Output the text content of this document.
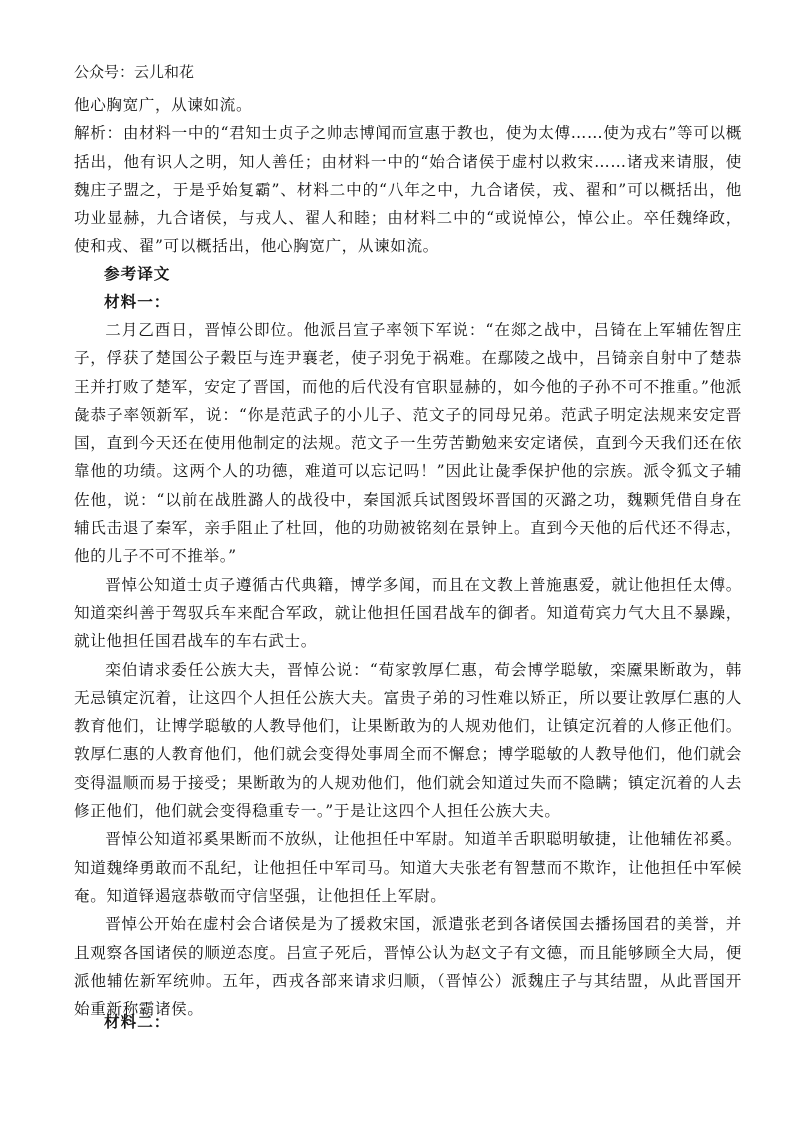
公众号：云儿和花

他心胸宽广，从谏如流。

解析：由材料一中的“君知士贞子之帅志博闻而宣惠于教也，使为太傅……使为戎右”等可以概括出，他有识人之明，知人善任；由材料一中的“始合诸侯于虚村以救宋……诸戎来请服，使魏庄子盟之，于是乎始复霸”、材料二中的“八年之中，九合诸侯，戎、翟和”可以概括出，他功业显赫，九合诸侯，与戎人、翟人和睦；由材料二中的“或说悼公，悼公止。卒任魏绛政，使和戎、翟”可以概括出，他心胸宽广，从谏如流。

参考译文
材料一：

二月乙酉日，晋悼公即位。他派吕宣子率领下军说：“在郯之战中，吕锜在上军辅佐智庄子，俘获了楚国公子穀臣与连尹襄老，使子羽免于祸难。在鄢陵之战中，吕锜亲自射中了楚恭王并打败了楚军，安定了晋国，而他的后代没有官职显赫的，如今他的子孙不可不推重。”他派彘恭子率领新军，说：“你是范武子的小儿子、范文子的同母兄弟。范武子明定法规来安定晋国，直到今天还在使用他制定的法规。范文子一生劳苦勤勉来安定诸侯，直到今天我们还在依靠他的功绩。这两个人的功德，难道可以忘记吗！”因此让彘季保护他的宗族。派令狐文子辅佐他，说：“以前在战胜潞人的战役中，秦国派兵试图毁坏晋国的灭潞之功，魏颗凭借自身在辅氏击退了秦军，亲手阻止了杜回，他的功勋被铭刻在景钟上。直到今天他的后代还不得志，他的儿子不可不推举。”

晋悼公知道士贞子遵循古代典籍，博学多闻，而且在文教上普施惠爱，就让他担任太傅。知道栾纠善于驾驭兵车来配合军政，就让他担任国君战车的御者。知道荀宾力气大且不暴躁，就让他担任国君战车的车右武士。

栾伯请求委任公族大夫，晋悼公说：“荀家敦厚仁惠，荀会博学聪敏，栾黡果断敢为，韩无忌镇定沉着，让这四个人担任公族大夫。富贵子弟的习性难以矫正，所以要让敦厚仁惠的人教育他们，让博学聪敏的人教导他们，让果断敢为的人规劝他们，让镇定沉着的人修正他们。敦厚仁惠的人教育他们，他们就会变得处事周全而不懈怠；博学聪敏的人教导他们，他们就会变得温顺而易于接受；果断敢为的人规劝他们，他们就会知道过失而不隐瞒；镇定沉着的人去修正他们，他们就会变得稳重专一。”于是让这四个人担任公族大夫。

晋悼公知道祁奚果断而不放纵，让他担任中军尉。知道羊舌职聪明敏捷，让他辅佐祁奚。知道魏绛勇敢而不乱纪，让他担任中军司马。知道大夫张老有智慧而不欺诈，让他担任中军候奄。知道铎遏寇恭敬而守信坚强，让他担任上军尉。

晋悼公开始在虚村会合诸侯是为了援救宋国，派遣张老到各诸侯国去播扬国君的美誉，并且观察各国诸侯的顺逆态度。吕宣子死后，晋悼公认为赵文子有文德，而且能够顾全大局，便派他辅佐新军统帅。五年，西戎各部来请求归顺，（晋悼公）派魏庄子与其结盟，从此晋国开始重新称霸诸侯。

材料二：
